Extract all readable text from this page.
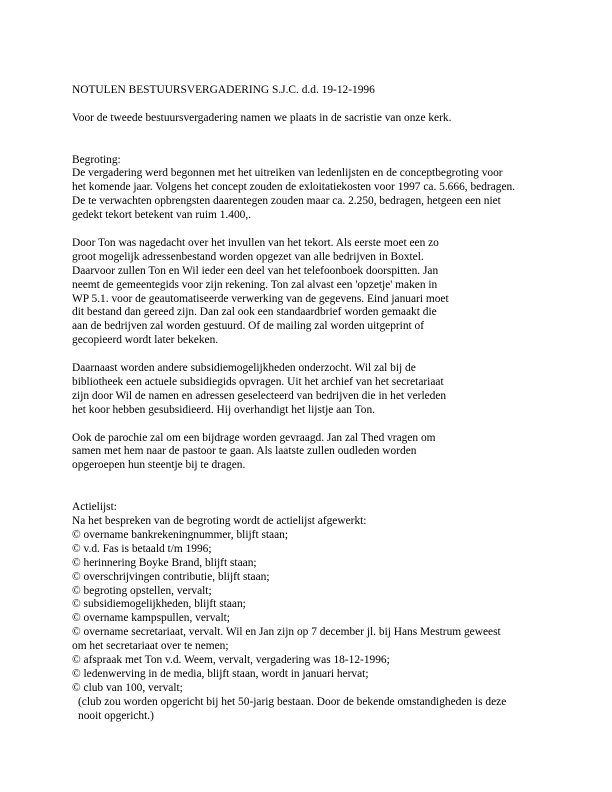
NOTULEN BESTUURSVERGADERING S.J.C. d.d. 19-12-1996

Voor de tweede bestuursvergadering namen we plaats in de sacristie van onze kerk.

Begroting:

De vergadering werd begonnen met het uitreiken van ledenlijsten en de conceptbegroting voor
het komende jaar. Volgens het concept zouden de exloitatiekosten voor 1997 ca. 5.666, bedragen.
De te verwachten opbrengsten daarentegen zouden maar ca. 2.250, bedragen, hetgeen een niet
gedekt tekort betekent van ruim 1.400,.

Door Ton was nagedacht over het invullen van het tekort. Als eerste moet een zo
groot mogelijk adressenbestand worden opgezet van alle bedrijven in Boxtel.
Daarvoor zullen Ton en Wil ieder een deel van het telefoonboek doorspitten. Jan
neemt de gemeentegids voor zijn rekening. Ton zal alvast een 'opzetje' maken in
WP 5.1. voor de geautomatiseerde verwerking van de gegevens. Eind januari moet
dit bestand dan gereed zijn. Dan zal ook een standaardbrief worden gemaakt die
aan de bedrijven zal worden gestuurd. Of de mailing zal worden uitgeprint of
gecopieerd wordt later bekeken.

Daarnaast worden andere subsidiemogelijkheden onderzocht. Wil zal bij de
bibliotheek een actuele subsidiegids opvragen. Uit het archief van het secretariaat
zijn door Wil de namen en adressen geselecteerd van bedrijven die in het verleden
het koor hebben gesubsidieerd. Hij overhandigt het lijstje aan Ton.

Ook de parochie zal om een bijdrage worden gevraagd. Jan zal Thed vragen om
samen met hem naar de pastoor te gaan. Als laatste zullen oudleden worden
opgeroepen hun steentje bij te dragen.

Actielijst:

Na het bespreken van de begroting wordt de actielijst afgewerkt:

© overname bankrekeningnummer, blijft staan;
© v.d. Fas is betaald t/m 1996;
© herinnering Boyke Brand, blijft staan;
© overschrijvingen contributie, blijft staan;
© begroting opstellen, vervalt;
© subsidiemogelijkheden, blijft staan;
© overname kampspullen, vervalt;
© overname secretariaat, vervalt. Wil en Jan zijn op 7 december jl. bij Hans Mestrum geweest
om het secretariaat over te nemen;
© afspraak met Ton v.d. Weem, vervalt, vergadering was 18-12-1996;
© ledenwerving in de media, blijft staan, wordt in januari hervat;
© club van 100, vervalt;

(club zou worden opgericht bij het 50-jarig bestaan. Door de bekende omstandigheden is deze
nooit opgericht.)
